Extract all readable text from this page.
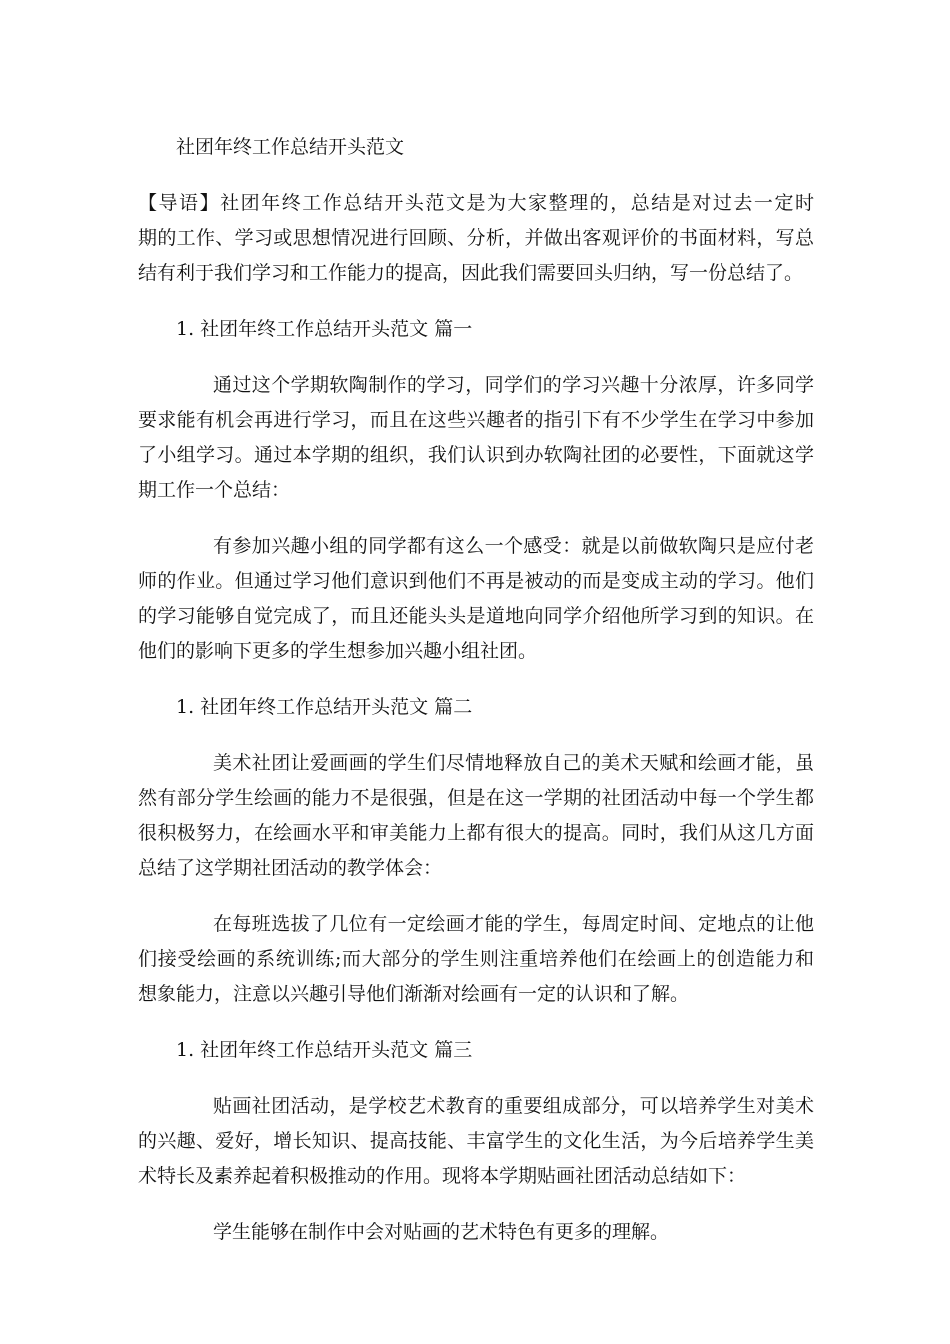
社团年终工作总结开头范文
【导语】社团年终工作总结开头范文是为大家整理的，总结是对过去一定时
期的工作、学习或思想情况进行回顾、分析，并做出客观评价的书面材料，写总
结有利于我们学习和工作能力的提高，因此我们需要回头归纳，写一份总结了。
1. 社团年终工作总结开头范文 篇一
通过这个学期软陶制作的学习，同学们的学习兴趣十分浓厚，许多同学
要求能有机会再进行学习，而且在这些兴趣者的指引下有不少学生在学习中参加
了小组学习。通过本学期的组织，我们认识到办软陶社团的必要性，下面就这学
期工作一个总结：
有参加兴趣小组的同学都有这么一个感受：就是以前做软陶只是应付老
师的作业。但通过学习他们意识到他们不再是被动的而是变成主动的学习。他们
的学习能够自觉完成了，而且还能头头是道地向同学介绍他所学习到的知识。在
他们的影响下更多的学生想参加兴趣小组社团。
1. 社团年终工作总结开头范文 篇二
美术社团让爱画画的学生们尽情地释放自己的美术天赋和绘画才能，虽
然有部分学生绘画的能力不是很强，但是在这一学期的社团活动中每一个学生都
很积极努力，在绘画水平和审美能力上都有很大的提高。同时，我们从这几方面
总结了这学期社团活动的教学体会：
在每班选拔了几位有一定绘画才能的学生，每周定时间、定地点的让他
们接受绘画的系统训练;而大部分的学生则注重培养他们在绘画上的创造能力和
想象能力，注意以兴趣引导他们渐渐对绘画有一定的认识和了解。
1. 社团年终工作总结开头范文 篇三
贴画社团活动，是学校艺术教育的重要组成部分，可以培养学生对美术
的兴趣、爱好，增长知识、提高技能、丰富学生的文化生活，为今后培养学生美
术特长及素养起着积极推动的作用。现将本学期贴画社团活动总结如下：
学生能够在制作中会对贴画的艺术特色有更多的理解。
